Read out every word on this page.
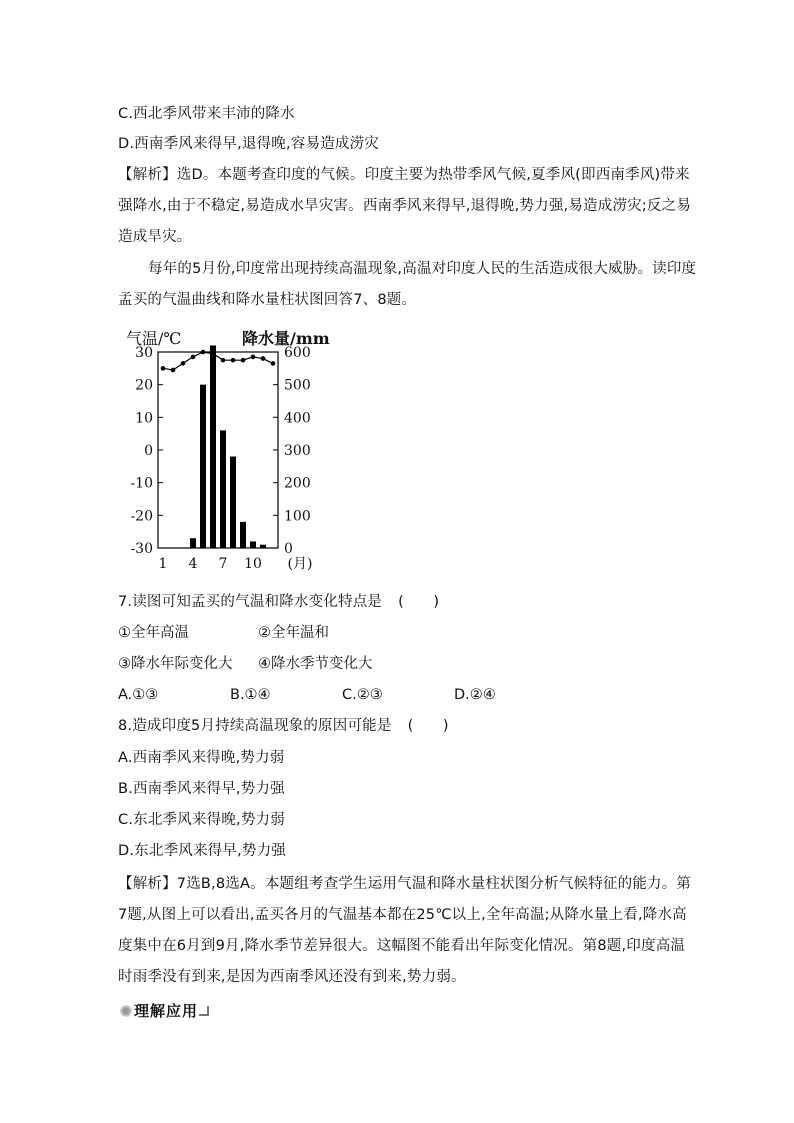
C.西北季风带来丰沛的降水
D.西南季风来得早,退得晚,容易造成涝灾
【解析】选D。本题考查印度的气候。印度主要为热带季风气候,夏季风(即西南季风)带来
强降水,由于不稳定,易造成水旱灾害。西南季风来得早,退得晚,势力强,易造成涝灾;反之易
造成旱灾。
每年的5月份,印度常出现持续高温现象,高温对印度人民的生活造成很大威胁。读印度
孟买的气温曲线和降水量柱状图回答7、8题。
气温/℃	降水量/mm
30
20
10
0
-10
-20
-30
600
500
400
300
200
100
0
1 4 7 10 (月)
7.读图可知孟买的气温和降水变化特点是 (　　)
①全年高温	②全年温和
③降水年际变化大 ④降水季节变化大
A.①③	B.①④	C.②③	D.②④
8.造成印度5月持续高温现象的原因可能是 (　　)
A.西南季风来得晚,势力弱
B.西南季风来得早,势力强
C.东北季风来得晚,势力弱
D.东北季风来得早,势力强
【解析】7选B,8选A。本题组考查学生运用气温和降水量柱状图分析气候特征的能力。第
7题,从图上可以看出,孟买各月的气温基本都在25℃以上,全年高温;从降水量上看,降水高
度集中在6月到9月,降水季节差异很大。这幅图不能看出年际变化情况。第8题,印度高温
时雨季没有到来,是因为西南季风还没有到来,势力弱。
理解应用
